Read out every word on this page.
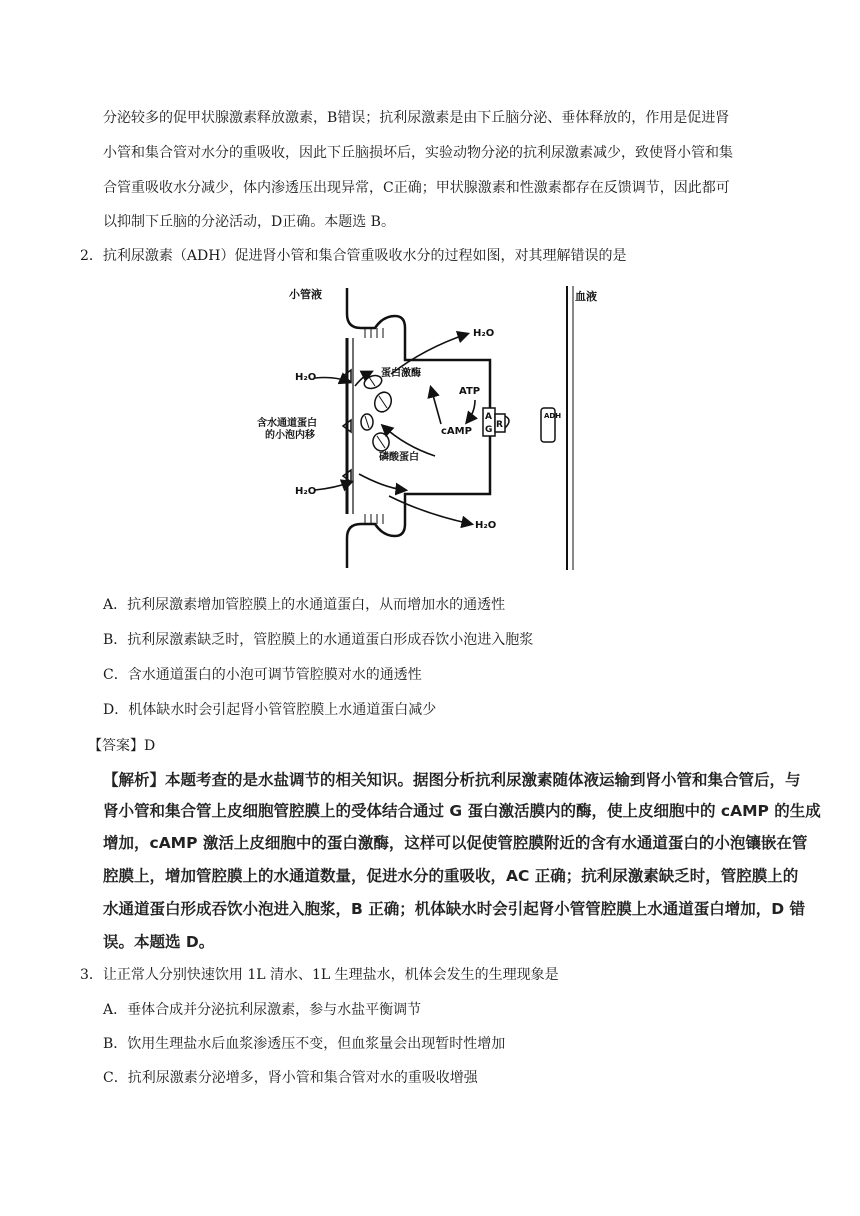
分泌较多的促甲状腺激素释放激素，B错误；抗利尿激素是由下丘脑分泌、垂体释放的，作用是促进肾
小管和集合管对水分的重吸收，因此下丘脑损坏后，实验动物分泌的抗利尿激素减少，致使肾小管和集
合管重吸收水分减少，体内渗透压出现异常，C正确；甲状腺激素和性激素都存在反馈调节，因此都可
以抑制下丘脑的分泌活动，D正确。本题选 B。
2．抗利尿激素（ADH）促进肾小管和集合管重吸收水分的过程如图，对其理解错误的是
小管液	血液
H₂O
H₂O
H₂O
H₂O
蛋白激酶
ATP
cAMP
磷酸蛋白
含水通道蛋白
的小泡内移
A
G R
ADH
A．抗利尿激素增加管腔膜上的水通道蛋白，从而增加水的通透性
B．抗利尿激素缺乏时，管腔膜上的水通道蛋白形成吞饮小泡进入胞浆
C．含水通道蛋白的小泡可调节管腔膜对水的通透性
D．机体缺水时会引起肾小管管腔膜上水通道蛋白减少
【答案】D
【解析】本题考查的是水盐调节的相关知识。据图分析抗利尿激素随体液运输到肾小管和集合管后，与
肾小管和集合管上皮细胞管腔膜上的受体结合通过 G 蛋白激活膜内的酶，使上皮细胞中的 cAMP 的生成
增加，cAMP 激活上皮细胞中的蛋白激酶，这样可以促使管腔膜附近的含有水通道蛋白的小泡镶嵌在管
腔膜上，增加管腔膜上的水通道数量，促进水分的重吸收，AC 正确；抗利尿激素缺乏时，管腔膜上的
水通道蛋白形成吞饮小泡进入胞浆，B 正确；机体缺水时会引起肾小管管腔膜上水通道蛋白增加，D 错
误。本题选 D。
3．让正常人分别快速饮用 1L 清水、1L 生理盐水，机体会发生的生理现象是
A．垂体合成并分泌抗利尿激素，参与水盐平衡调节
B．饮用生理盐水后血浆渗透压不变，但血浆量会出现暂时性增加
C．抗利尿激素分泌增多，肾小管和集合管对水的重吸收增强
